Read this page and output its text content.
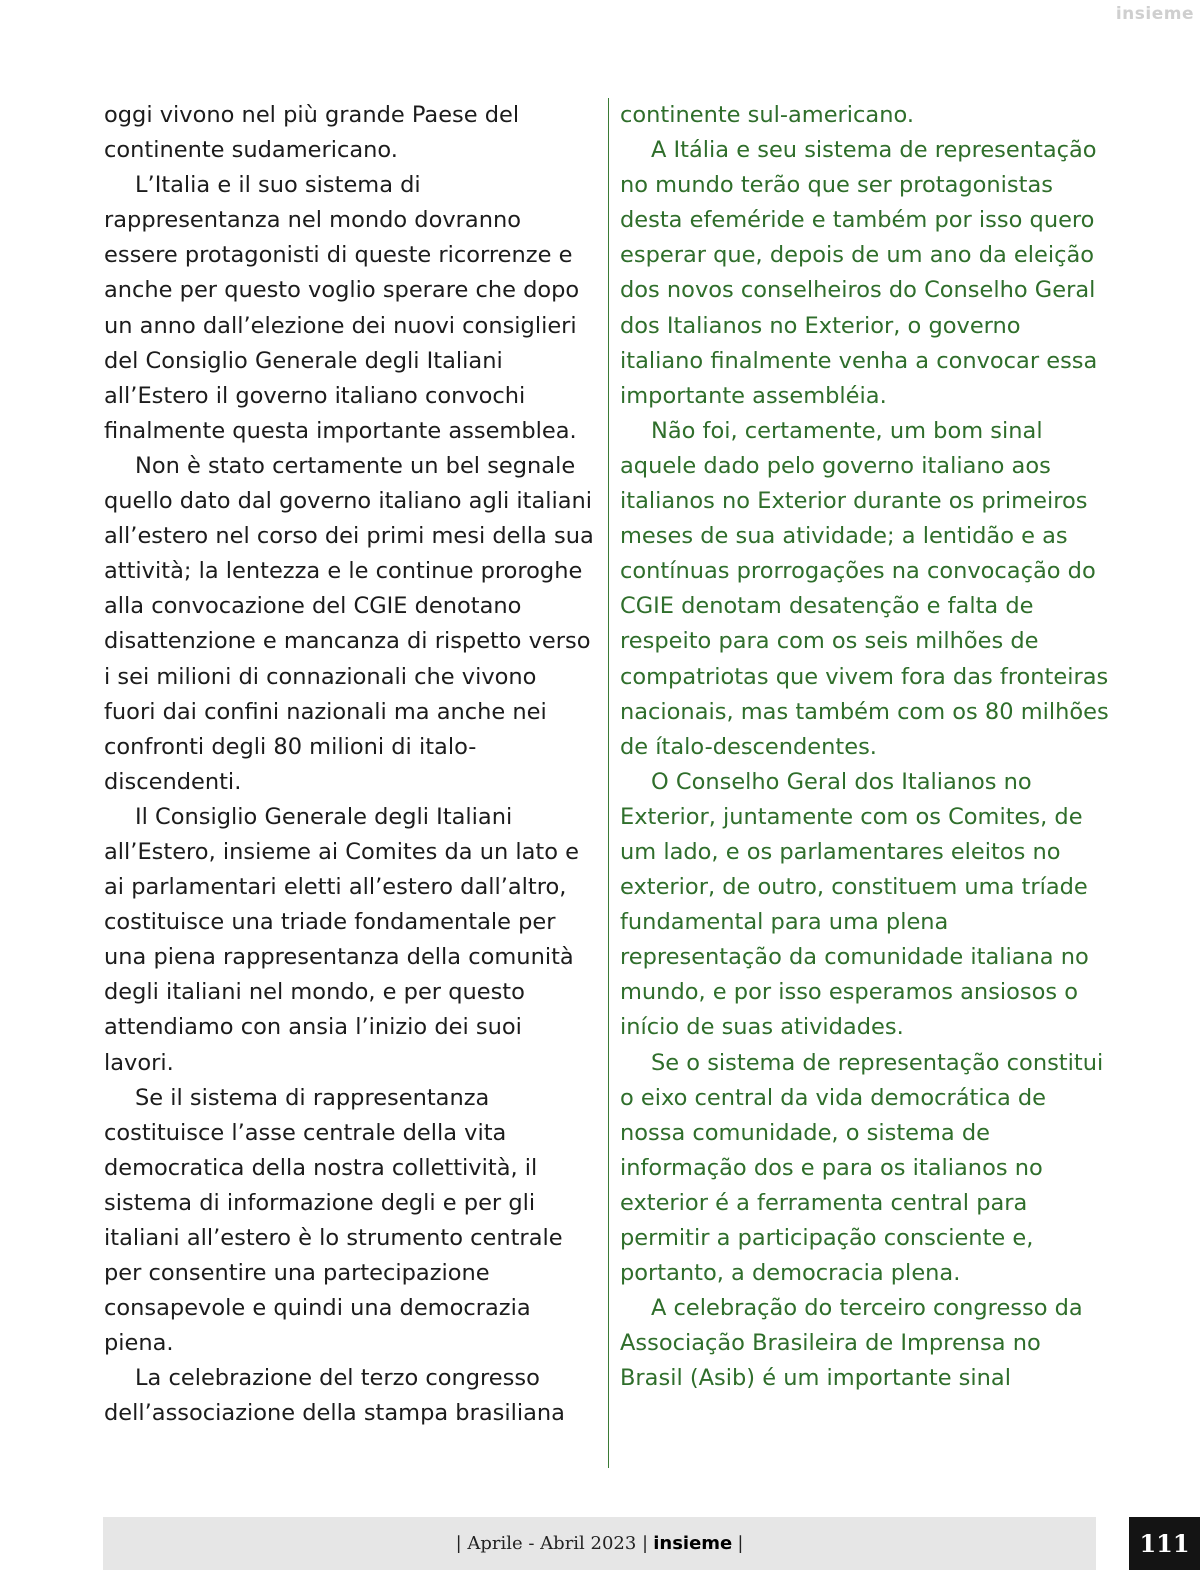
insieme

oggi vivono nel più grande Paese del continente sudamericano.

L’Italia e il suo sistema di rappresentanza nel mondo dovranno essere protagonisti di queste ricorrenze e anche per questo voglio sperare che dopo un anno dall’elezione dei nuovi consiglieri del Consiglio Generale degli Italiani all’Estero il governo italiano convochi finalmente questa importante assemblea.

Non è stato certamente un bel segnale quello dato dal governo italiano agli italiani all’estero nel corso dei primi mesi della sua attività; la lentezza e le continue proroghe alla convocazione del CGIE denotano disattenzione e mancanza di rispetto verso i sei milioni di connazionali che vivono fuori dai confini nazionali ma anche nei confronti degli 80 milioni di italo-discendenti.

Il Consiglio Generale degli Italiani all’Estero, insieme ai Comites da un lato e ai parlamentari eletti all’estero dall’altro, costituisce una triade fondamentale per una piena rappresentanza della comunità degli italiani nel mondo, e per questo attendiamo con ansia l’inizio dei suoi lavori.

Se il sistema di rappresentanza costituisce l’asse centrale della vita democratica della nostra collettività, il sistema di informazione degli e per gli italiani all’estero è lo strumento centrale per consentire una partecipazione consapevole e quindi una democrazia piena.

La celebrazione del terzo congresso dell’associazione della stampa brasiliana

continente sul-americano.

A Itália e seu sistema de representação no mundo terão que ser protagonistas desta efeméride e também por isso quero esperar que, depois de um ano da eleição dos novos conselheiros do Conselho Geral dos Italianos no Exterior, o governo italiano finalmente venha a convocar essa importante assembléia.

Não foi, certamente, um bom sinal aquele dado pelo governo italiano aos italianos no Exterior durante os primeiros meses de sua atividade; a lentidão e as contínuas prorrogações na convocação do CGIE denotam desatenção e falta de respeito para com os seis milhões de compatriotas que vivem fora das fronteiras nacionais, mas também com os 80 milhões de ítalo-descendentes.

O Conselho Geral dos Italianos no Exterior, juntamente com os Comites, de um lado, e os parlamentares eleitos no exterior, de outro, constituem uma tríade fundamental para uma plena representação da comunidade italiana no mundo, e por isso esperamos ansiosos o início de suas atividades.

Se o sistema de representação constitui o eixo central da vida democrática de nossa comunidade, o sistema de informação dos e para os italianos no exterior é a ferramenta central para permitir a participação consciente e, portanto, a democracia plena.

A celebração do terceiro congresso da Associação Brasileira de Imprensa no Brasil (Asib) é um importante sinal

| Aprile - Abril 2023 | insieme |	111
